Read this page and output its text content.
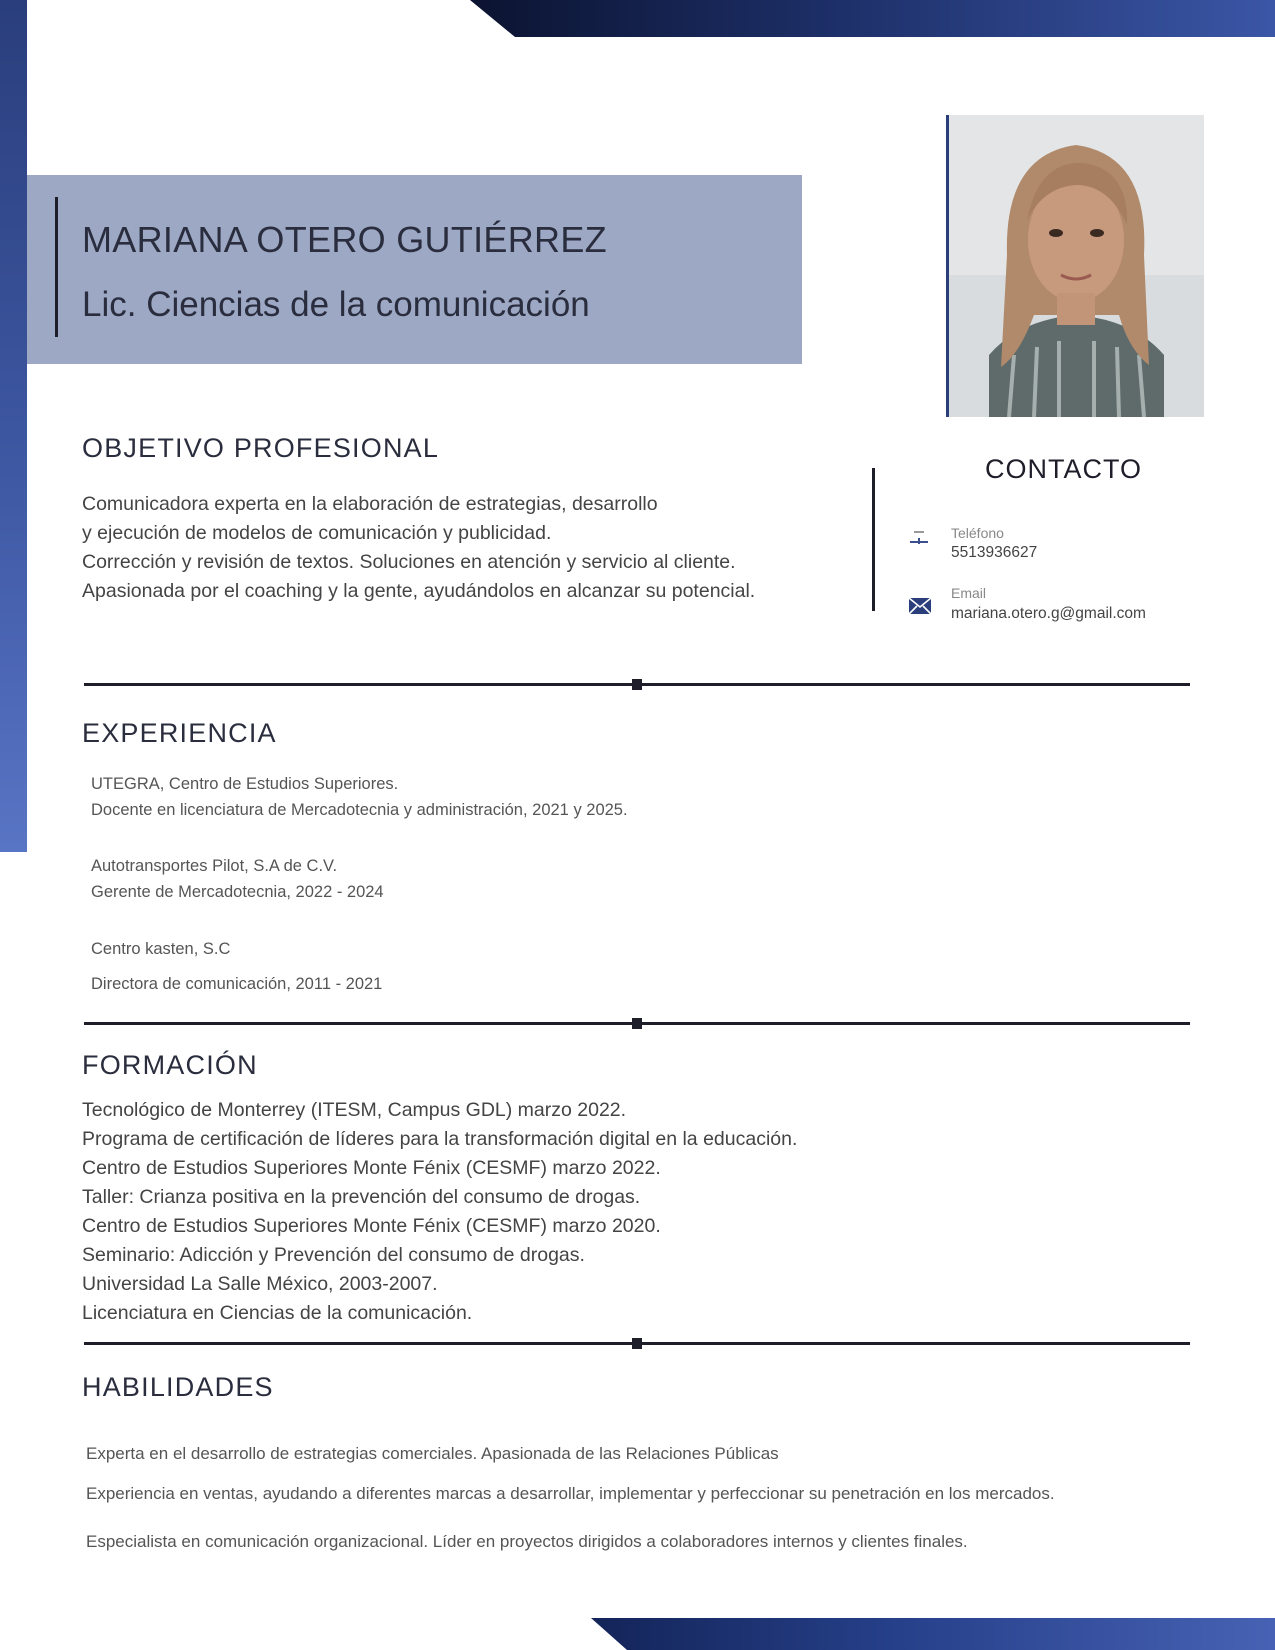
MARIANA OTERO GUTIÉRREZ
Lic. Ciencias de la comunicación
OBJETIVO PROFESIONAL
Comunicadora experta en la elaboración de estrategias, desarrollo
y ejecución de modelos de comunicación y publicidad.
Corrección y revisión de textos. Soluciones en atención y servicio al cliente.
Apasionada por el coaching y la gente, ayudándolos en alcanzar su potencial.
CONTACTO
Teléfono
5513936627
Email
mariana.otero.g@gmail.com
EXPERIENCIA
UTEGRA, Centro de Estudios Superiores.
Docente en licenciatura de Mercadotecnia y administración, 2021 y 2025.
Autotransportes Pilot, S.A de C.V.
Gerente de Mercadotecnia, 2022 - 2024
Centro kasten, S.C
Directora de comunicación, 2011 - 2021
FORMACIÓN
Tecnológico de Monterrey (ITESM, Campus GDL) marzo 2022.
Programa de certificación de líderes para la transformación digital en la educación.
Centro de Estudios Superiores Monte Fénix (CESMF) marzo 2022.
Taller: Crianza positiva en la prevención del consumo de drogas.
Centro de Estudios Superiores Monte Fénix (CESMF) marzo 2020.
Seminario: Adicción y Prevención del consumo de drogas.
Universidad La Salle México, 2003-2007.
Licenciatura en Ciencias de la comunicación.
HABILIDADES
Experta en el desarrollo de estrategias comerciales. Apasionada de las Relaciones Públicas
Experiencia en ventas, ayudando a diferentes marcas a desarrollar, implementar y perfeccionar su penetración en los mercados.
Especialista en comunicación organizacional. Líder en proyectos dirigidos a colaboradores internos y clientes finales.
